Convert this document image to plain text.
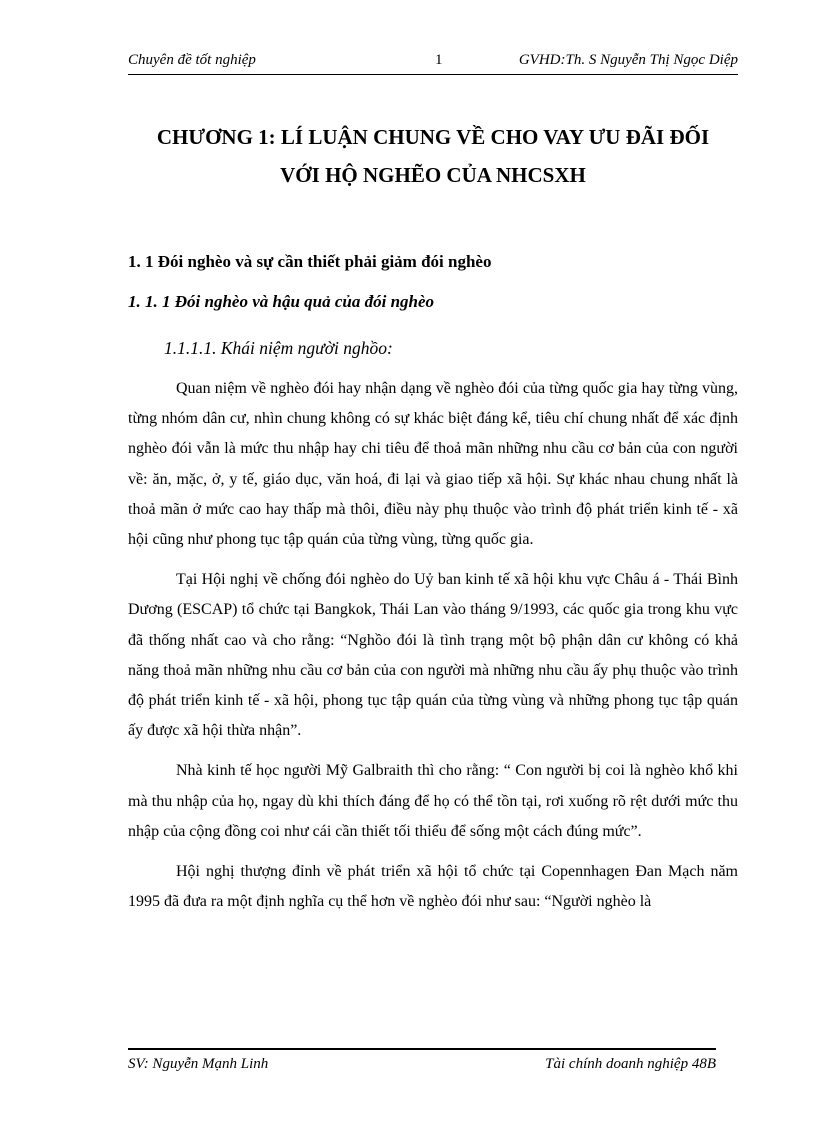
Chuyên đề tốt nghiệp	1	GVHD:Th. S Nguyễn Thị Ngọc Diệp
CHƯƠNG 1: LÍ LUẬN CHUNG VỀ CHO VAY ƯU ĐÃI ĐỐI
VỚI HỘ NGHẼO CỦA NHCSXH
1. 1 Đói nghèo và sự cần thiết phải giảm đói nghèo
1. 1. 1 Đói nghèo và hậu quả của đói nghèo
1.1.1.1. Khái niệm người nghồo:

Quan niệm về nghèo đói hay nhận dạng về nghèo đói của từng quốc gia hay từng vùng, từng nhóm dân cư, nhìn chung không có sự khác biệt đáng kể, tiêu chí chung nhất để xác định nghèo đói vẫn là mức thu nhập hay chi tiêu để thoả mãn những nhu cầu cơ bản của con người về: ăn, mặc, ở, y tế, giáo dục, văn hoá, đi lại và giao tiếp xã hội. Sự khác nhau chung nhất là thoả mãn ở mức cao hay thấp mà thôi, điều này phụ thuộc vào trình độ phát triển kinh tế - xã hội cũng như phong tục tập quán của từng vùng, từng quốc gia.

Tại Hội nghị về chống đói nghèo do Uỷ ban kinh tế xã hội khu vực Châu á - Thái Bình Dương (ESCAP) tổ chức tại Bangkok, Thái Lan vào tháng 9/1993, các quốc gia trong khu vực đã thống nhất cao và cho rằng: “Nghồo đói là tình trạng một bộ phận dân cư không có khả năng thoả mãn những nhu cầu cơ bản của con người mà những nhu cầu ấy phụ thuộc vào trình độ phát triển kinh tế - xã hội, phong tục tập quán của từng vùng và những phong tục tập quán ấy được xã hội thừa nhận”.

Nhà kinh tế học người Mỹ Galbraith thì cho rằng: “ Con người bị coi là nghèo khổ khi mà thu nhập của họ, ngay dù khi thích đáng để họ có thể tồn tại, rơi xuống rõ rệt dưới mức thu nhập của cộng đồng coi như cái cần thiết tối thiểu để sống một cách đúng mức”.

Hội nghị thượng đỉnh về phát triển xã hội tổ chức tại Copennhagen Đan Mạch năm 1995 đã đưa ra một định nghĩa cụ thể hơn về nghèo đói như sau: “Người nghèo là

SV: Nguyễn Mạnh Linh	Tài chính doanh nghiệp 48B
